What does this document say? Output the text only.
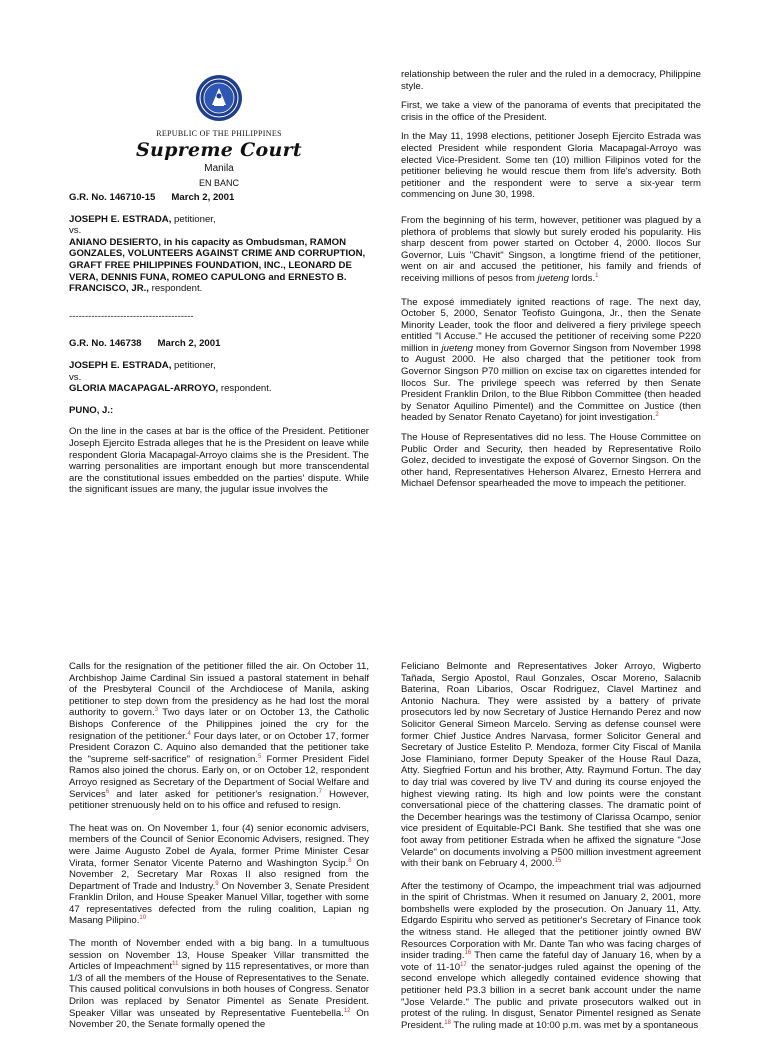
REPUBLIC OF THE PHILIPPINES
Supreme Court
Manila
EN BANC

G.R. No. 146710-15      March 2, 2001

JOSEPH E. ESTRADA, petitioner,
vs.
ANIANO DESIERTO, in his capacity as Ombudsman, RAMON GONZALES, VOLUNTEERS AGAINST CRIME AND CORRUPTION, GRAFT FREE PHILIPPINES FOUNDATION, INC., LEONARD DE VERA, DENNIS FUNA, ROMEO CAPULONG and ERNESTO B. FRANCISCO, JR., respondent.
---------------------------------------

G.R. No. 146738      March 2, 2001

JOSEPH E. ESTRADA, petitioner,
vs.
GLORIA MACAPAGAL-ARROYO, respondent.

PUNO, J.:

On the line in the cases at bar is the office of the President. Petitioner Joseph Ejercito Estrada alleges that he is the President on leave while respondent Gloria Macapagal-Arroyo claims she is the President. The warring personalities are important enough but more transcendental are the constitutional issues embedded on the parties' dispute. While the significant issues are many, the jugular issue involves the

relationship between the ruler and the ruled in a democracy, Philippine style.

First, we take a view of the panorama of events that precipitated the crisis in the office of the President.

In the May 11, 1998 elections, petitioner Joseph Ejercito Estrada was elected President while respondent Gloria Macapagal-Arroyo was elected Vice-President. Some ten (10) million Filipinos voted for the petitioner believing he would rescue them from life's adversity. Both petitioner and the respondent were to serve a six-year term commencing on June 30, 1998.

From the beginning of his term, however, petitioner was plagued by a plethora of problems that slowly but surely eroded his popularity. His sharp descent from power started on October 4, 2000. Ilocos Sur Governor, Luis "Chavit" Singson, a longtime friend of the petitioner, went on air and accused the petitioner, his family and friends of receiving millions of pesos from jueteng lords.$^1$

The exposé immediately ignited reactions of rage. The next day, October 5, 2000, Senator Teofisto Guingona, Jr., then the Senate Minority Leader, took the floor and delivered a fiery privilege speech entitled "I Accuse." He accused the petitioner of receiving some P220 million in jueteng money from Governor Singson from November 1998 to August 2000. He also charged that the petitioner took from Governor Singson P70 million on excise tax on cigarettes intended for Ilocos Sur. The privilege speech was referred by then Senate President Franklin Drilon, to the Blue Ribbon Committee (then headed by Senator Aquilino Pimentel) and the Committee on Justice (then headed by Senator Renato Cayetano) for joint investigation.$^2$

The House of Representatives did no less. The House Committee on Public Order and Security, then headed by Representative Roilo Golez, decided to investigate the exposé of Governor Singson. On the other hand, Representatives Heherson Alvarez, Ernesto Herrera and Michael Defensor spearheaded the move to impeach the petitioner.

Calls for the resignation of the petitioner filled the air. On October 11, Archbishop Jaime Cardinal Sin issued a pastoral statement in behalf of the Presbyteral Council of the Archdiocese of Manila, asking petitioner to step down from the presidency as he had lost the moral authority to govern.$^3$ Two days later or on October 13, the Catholic Bishops Conference of the Philippines joined the cry for the resignation of the petitioner.$^4$ Four days later, or on October 17, former President Corazon C. Aquino also demanded that the petitioner take the "supreme self-sacrifice" of resignation.$^5$ Former President Fidel Ramos also joined the chorus. Early on, or on October 12, respondent Arroyo resigned as Secretary of the Department of Social Welfare and Services$^6$ and later asked for petitioner's resignation.$^7$ However, petitioner strenuously held on to his office and refused to resign.

The heat was on. On November 1, four (4) senior economic advisers, members of the Council of Senior Economic Advisers, resigned. They were Jaime Augusto Zobel de Ayala, former Prime Minister Cesar Virata, former Senator Vicente Paterno and Washington Sycip.$^8$ On November 2, Secretary Mar Roxas II also resigned from the Department of Trade and Industry.$^9$ On November 3, Senate President Franklin Drilon, and House Speaker Manuel Villar, together with some 47 representatives defected from the ruling coalition, Lapian ng Masang Pilipino.$^{10}$

The month of November ended with a big bang. In a tumultuous session on November 13, House Speaker Villar transmitted the Articles of Impeachment$^{11}$ signed by 115 representatives, or more than 1/3 of all the members of the House of Representatives to the Senate. This caused political convulsions in both houses of Congress. Senator Drilon was replaced by Senator Pimentel as Senate President. Speaker Villar was unseated by Representative Fuentebella.$^{12}$ On November 20, the Senate formally opened the

Feliciano Belmonte and Representatives Joker Arroyo, Wigberto Tañada, Sergio Apostol, Raul Gonzales, Oscar Moreno, Salacnib Baterina, Roan Libarios, Oscar Rodriguez, Clavel Martinez and Antonio Nachura. They were assisted by a battery of private prosecutors led by now Secretary of Justice Hernando Perez and now Solicitor General Simeon Marcelo. Serving as defense counsel were former Chief Justice Andres Narvasa, former Solicitor General and Secretary of Justice Estelito P. Mendoza, former City Fiscal of Manila Jose Flaminiano, former Deputy Speaker of the House Raul Daza, Atty. Siegfried Fortun and his brother, Atty. Raymund Fortun. The day to day trial was covered by live TV and during its course enjoyed the highest viewing rating. Its high and low points were the constant conversational piece of the chattering classes. The dramatic point of the December hearings was the testimony of Clarissa Ocampo, senior vice president of Equitable-PCI Bank. She testified that she was one foot away from petitioner Estrada when he affixed the signature "Jose Velarde" on documents involving a P500 million investment agreement with their bank on February 4, 2000.15

After the testimony of Ocampo, the impeachment trial was adjourned in the spirit of Christmas. When it resumed on January 2, 2001, more bombshells were exploded by the prosecution. On January 11, Atty. Edgardo Espiritu who served as petitioner's Secretary of Finance took the witness stand. He alleged that the petitioner jointly owned BW Resources Corporation with Mr. Dante Tan who was facing charges of insider trading.$^{16}$ Then came the fateful day of January 16, when by a vote of $11-10^{17}$ the senator-judges ruled against the opening of the second envelope which allegedly contained evidence showing that petitioner held P3.3 billion in a secret bank account under the name "Jose Velarde." The public and private prosecutors walked out in protest of the ruling. In disgust, Senator Pimentel resigned as Senate President.$^{18}$ The ruling made at 10:00 p.m. was met by a spontaneous
